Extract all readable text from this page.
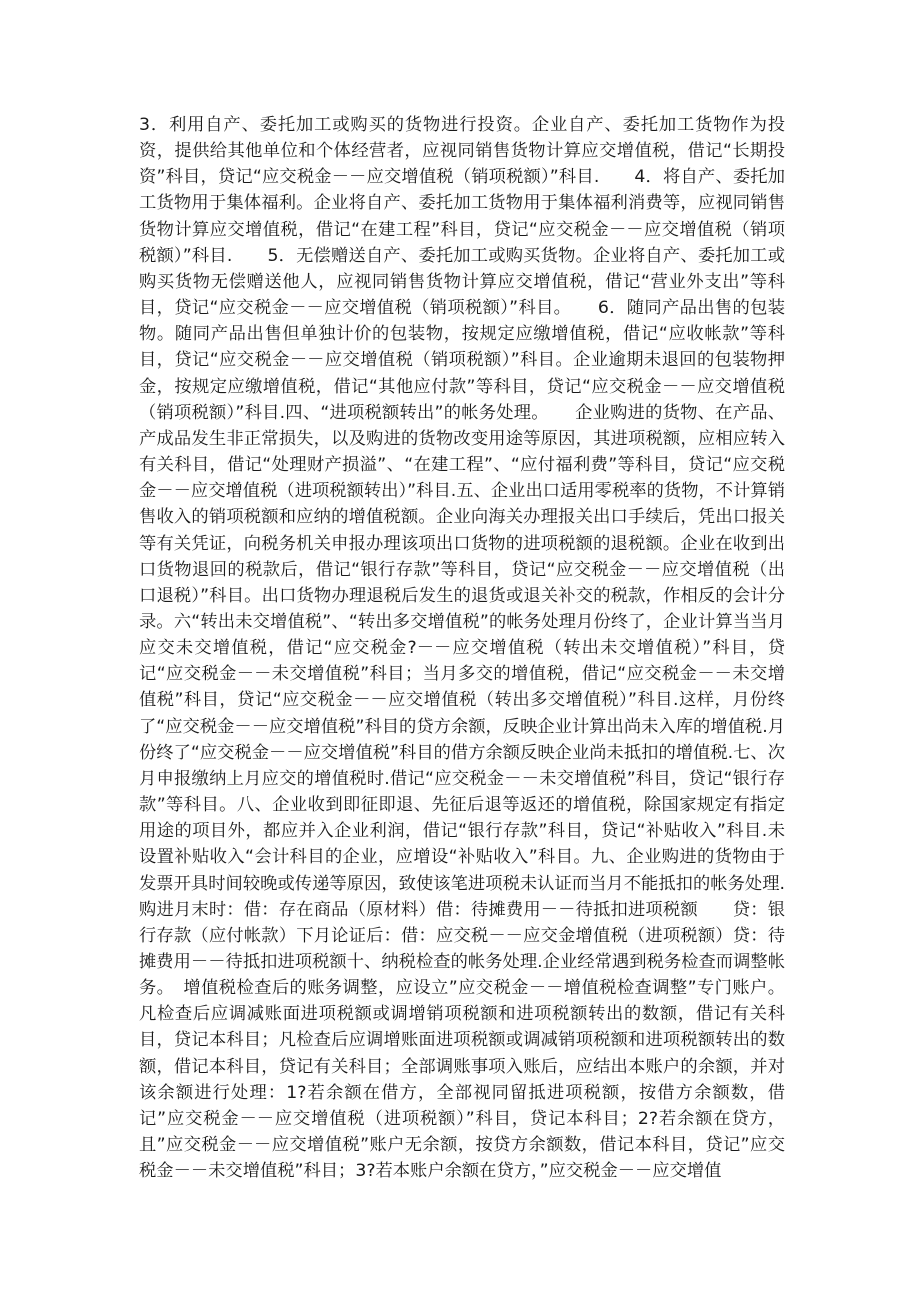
3．利用自产、委托加工或购买的货物进行投资。企业自产、委托加工货物作为投资，提供给其他单位和个体经营者，应视同销售货物计算应交增值税，借记“长期投资”科目，贷记“应交税金－－应交增值税（销项税额）”科目.　　4．将自产、委托加工货物用于集体福利。企业将自产、委托加工货物用于集体福利消费等，应视同销售货物计算应交增值税，借记“在建工程”科目，贷记“应交税金－－应交增值税（销项税额）”科目.　　5．无偿赠送自产、委托加工或购买货物。企业将自产、委托加工或购买货物无偿赠送他人，应视同销售货物计算应交增值税，借记“营业外支出”等科目，贷记“应交税金－－应交增值税（销项税额）”科目。　　6．随同产品出售的包装物。随同产品出售但单独计价的包装物，按规定应缴增值税，借记“应收帐款”等科目，贷记“应交税金－－应交增值税（销项税额）”科目。企业逾期未退回的包装物押金，按规定应缴增值税，借记“其他应付款”等科目，贷记“应交税金－－应交增值税（销项税额）”科目.四、“进项税额转出”的帐务处理。　　企业购进的货物、在产品、产成品发生非正常损失，以及购进的货物改变用途等原因，其进项税额，应相应转入有关科目，借记“处理财产损溢”、“在建工程”、“应付福利费”等科目，贷记“应交税金－－应交增值税（进项税额转出）”科目.五、企业出口适用零税率的货物，不计算销售收入的销项税额和应纳的增值税额。企业向海关办理报关出口手续后，凭出口报关等有关凭证，向税务机关申报办理该项出口货物的进项税额的退税额。企业在收到出口货物退回的税款后，借记“银行存款”等科目，贷记“应交税金－－应交增值税（出口退税）”科目。出口货物办理退税后发生的退货或退关补交的税款，作相反的会计分录。六“转出未交增值税”、“转出多交增值税”的帐务处理月份终了，企业计算当当月应交未交增值税，借记“应交税金?－－应交增值税（转出未交增值税）”科目，贷记“应交税金－－未交增值税”科目；当月多交的增值税，借记“应交税金－－未交增值税”科目，贷记“应交税金－－应交增值税（转出多交增值税）”科目.这样，月份终了“应交税金－－应交增值税”科目的贷方余额，反映企业计算出尚未入库的增值税.月份终了“应交税金－－应交增值税”科目的借方余额反映企业尚未抵扣的增值税.七、次月申报缴纳上月应交的增值税时.借记“应交税金－－未交增值税”科目，贷记“银行存款”等科目。八、企业收到即征即退、先征后退等返还的增值税，除国家规定有指定用途的项目外，都应并入企业利润，借记“银行存款”科目，贷记“补贴收入”科目.未设置补贴收入“会计科目的企业，应增设“补贴收入”科目。九、企业购进的货物由于发票开具时间较晚或传递等原因，致使该笔进项税未认证而当月不能抵扣的帐务处理.购进月末时：借：存在商品（原材料）借：待摊费用－－待抵扣进项税额　　贷：银行存款（应付帐款）下月论证后：借：应交税－－应交金增值税（进项税额）贷：待摊费用－－待抵扣进项税额十、纳税检查的帐务处理.企业经常遇到税务检查而调整帐务。　增值税检查后的账务调整，应设立”应交税金－－增值税检查调整”专门账户。凡检查后应调减账面进项税额或调增销项税额和进项税额转出的数额，借记有关科目，贷记本科目；凡检查后应调增账面进项税额或调减销项税额和进项税额转出的数额，借记本科目，贷记有关科目；全部调账事项入账后，应结出本账户的余额，并对该余额进行处理：1?若余额在借方，全部视同留抵进项税额，按借方余额数，借记”应交税金－－应交增值税（进项税额）”科目，贷记本科目；2?若余额在贷方，且”应交税金－－应交增值税”账户无余额，按贷方余额数，借记本科目，贷记”应交税金－－未交增值税”科目；3?若本账户余额在贷方，”应交税金－－应交增值
